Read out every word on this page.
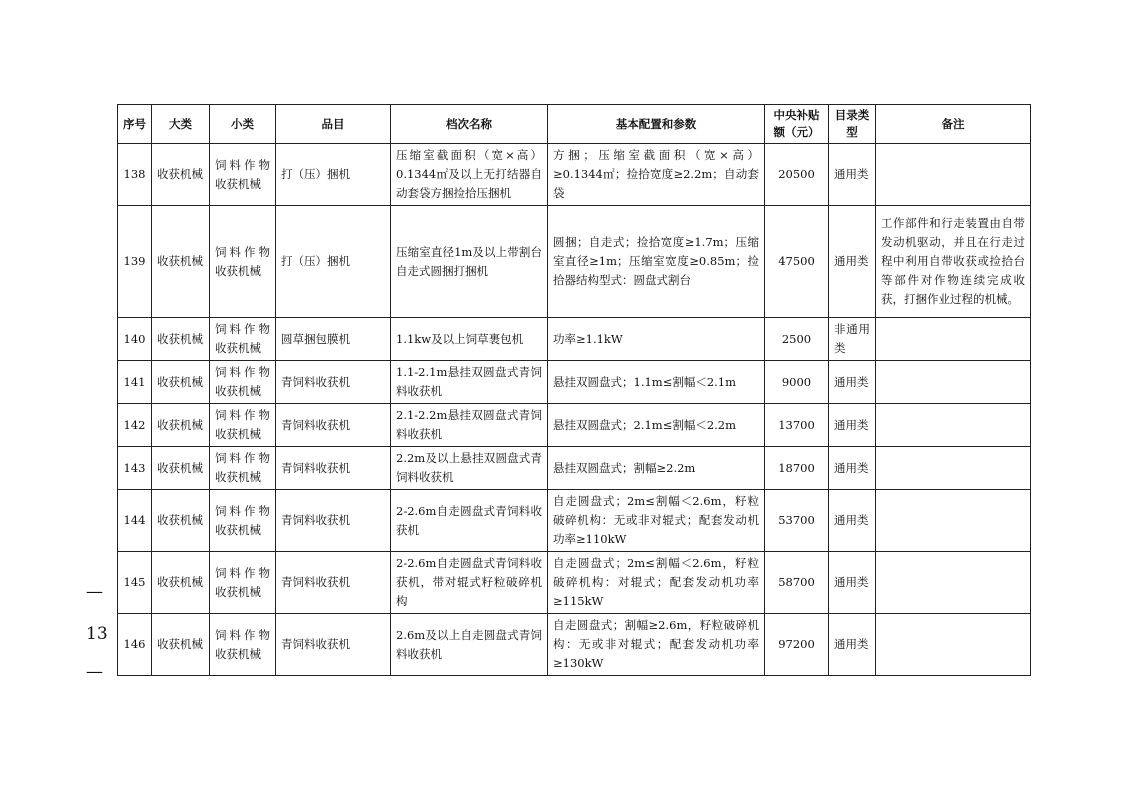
序号	大类	小类	品目	档次名称	基本配置和参数	中央补贴额（元）	目录类型	备注
138	收获机械	饲料作物收获机械	打（压）捆机	压缩室截面积（宽×高）0.1344㎡及以上无打结器自动套袋方捆捡拾压捆机	方捆；压缩室截面积（宽×高）≥0.1344㎡；捡拾宽度≥2.2m；自动套袋	20500	通用类	
139	收获机械	饲料作物收获机械	打（压）捆机	压缩室直径1m及以上带割台自走式圆捆打捆机	圆捆；自走式；捡拾宽度≥1.7m；压缩室直径≥1m；压缩室宽度≥0.85m；捡拾器结构型式：圆盘式割台	47500	通用类	工作部件和行走装置由自带发动机驱动，并且在行走过程中利用自带收获或捡拾台等部件对作物连续完成收获，打捆作业过程的机械。
140	收获机械	饲料作物收获机械	圆草捆包膜机	1.1kw及以上饲草裹包机	功率≥1.1kW	2500	非通用类	
141	收获机械	饲料作物收获机械	青饲料收获机	1.1-2.1m悬挂双圆盘式青饲料收获机	悬挂双圆盘式；1.1m≤割幅＜2.1m	9000	通用类	
142	收获机械	饲料作物收获机械	青饲料收获机	2.1-2.2m悬挂双圆盘式青饲料收获机	悬挂双圆盘式；2.1m≤割幅＜2.2m	13700	通用类	
143	收获机械	饲料作物收获机械	青饲料收获机	2.2m及以上悬挂双圆盘式青饲料收获机	悬挂双圆盘式；割幅≥2.2m	18700	通用类	
144	收获机械	饲料作物收获机械	青饲料收获机	2-2.6m自走圆盘式青饲料收获机	自走圆盘式；2m≤割幅＜2.6m，籽粒破碎机构：无或非对辊式；配套发动机功率≥110kW	53700	通用类	
145	收获机械	饲料作物收获机械	青饲料收获机	2-2.6m自走圆盘式青饲料收获机，带对辊式籽粒破碎机构	自走圆盘式；2m≤割幅＜2.6m，籽粒破碎机构：对辊式；配套发动机功率≥115kW	58700	通用类	
146	收获机械	饲料作物收获机械	青饲料收获机	2.6m及以上自走圆盘式青饲料收获机	自走圆盘式；割幅≥2.6m，籽粒破碎机构：无或非对辊式；配套发动机功率≥130kW	97200	通用类	
—
13
—
